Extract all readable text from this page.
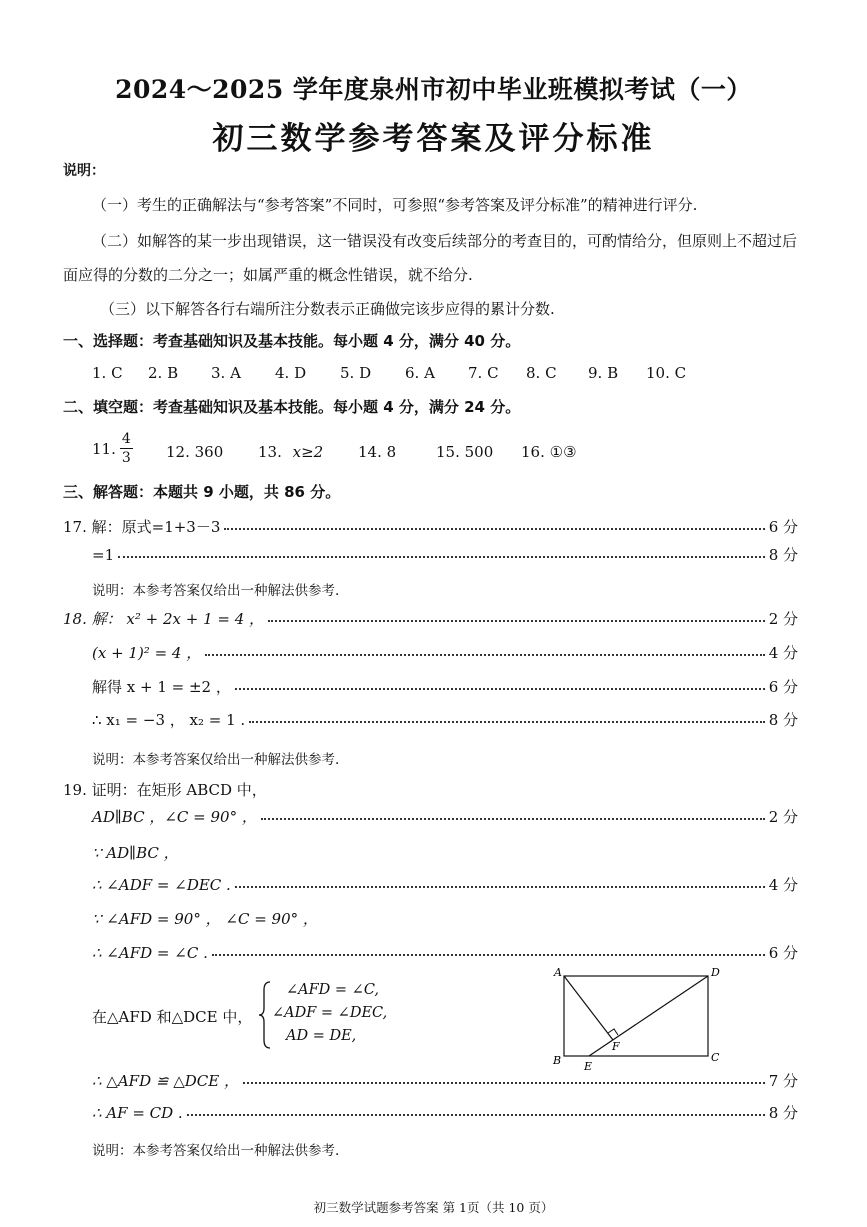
2024～2025 学年度泉州市初中毕业班模拟考试（一）
初三数学参考答案及评分标准
说明：
（一）考生的正确解法与“参考答案”不同时，可参照“参考答案及评分标准”的精神进行评分.
（二）如解答的某一步出现错误，这一错误没有改变后续部分的考查目的，可酌情给分，但原则上不超过后
面应得的分数的二分之一；如属严重的概念性错误，就不给分.
（三）以下解答各行右端所注分数表示正确做完该步应得的累计分数.
一、选择题：考查基础知识及基本技能。每小题 4 分，满分 40 分。
1. C 2. B 3. A 4. D 5. D 6. A 7. C 8. C 9. B 10. C
二、填空题：考查基础知识及基本技能。每小题 4 分，满分 24 分。
11. $\frac{4}{3} 12$. 360 13. x≥2 14. 8	15. 500 16. ①③
三、解答题：本题共 9 小题，共 86 分。
17. 解：原式=1+3－3	6 分
=1	8 分
说明：本参考答案仅给出一种解法供参考.
18. 解： x² + 2x + 1 = 4 ，	2 分
(x + 1)² = 4 ，	4 分
解得 x + 1 = ±2 ，	6 分
∴ x₁ = −3 ， x₂ = 1 .	8 分
说明：本参考答案仅给出一种解法供参考.
19. 证明：在矩形 ABCD 中，
AD∥BC ，∠C = 90° ，	2 分
∵ AD∥BC ，
∴ ∠ADF = ∠DEC .	4 分
∵ ∠AFD = 90° ， ∠C = 90° ，
∴ ∠AFD = ∠C .	6 分
在△AFD 和△DCE 中，
∠AFD = ∠C,
∠ADF = ∠DEC,
AD = DE,
A	D
B	C
E
F
∴ △AFD ≌ △DCE ，	7 分
∴ AF = CD .	8 分
说明：本参考答案仅给出一种解法供参考.
初三数学试题参考答案 第 1页（共 10 页）
